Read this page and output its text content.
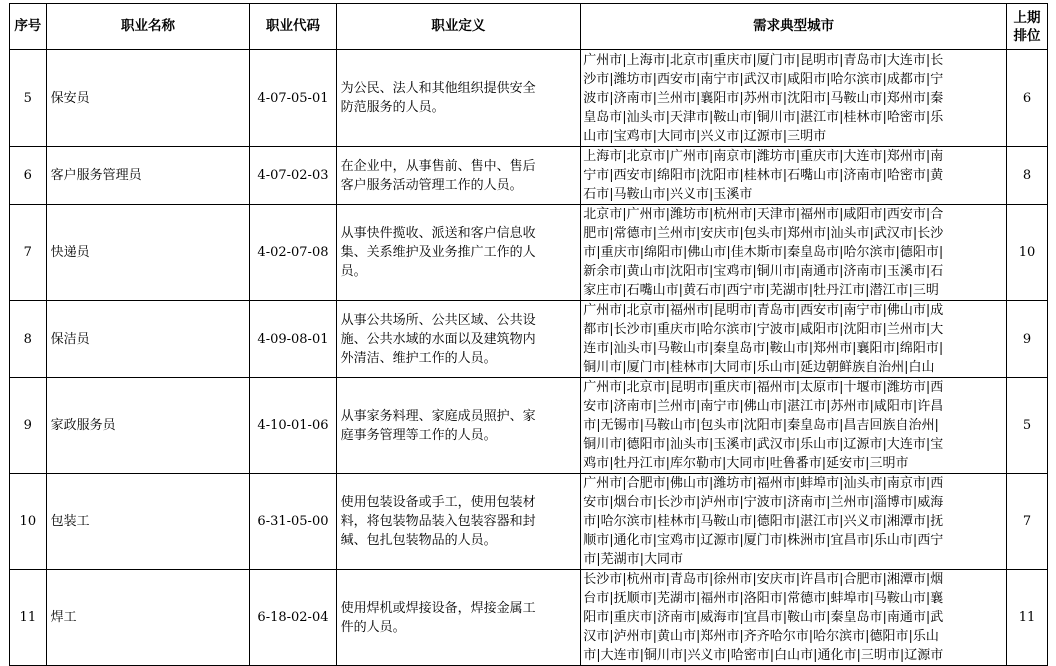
序号	职业名称	职业代码	职业定义	需求典型城市	上期
排位
5	保安员	4-07-05-01	为公民、法人和其他组织提供安全
防范服务的人员。	广州市|上海市|北京市|重庆市|厦门市|昆明市|青岛市|大连市|长
沙市|潍坊市|西安市|南宁市|武汉市|咸阳市|哈尔滨市|成都市|宁
波市|济南市|兰州市|襄阳市|苏州市|沈阳市|马鞍山市|郑州市|秦
皇岛市|汕头市|天津市|鞍山市|铜川市|湛江市|桂林市|哈密市|乐
山市|宝鸡市|大同市|兴义市|辽源市|三明市	6
6	客户服务管理员	4-07-02-03	在企业中，从事售前、售中、售后
客户服务活动管理工作的人员。	上海市|北京市|广州市|南京市|潍坊市|重庆市|大连市|郑州市|南
宁市|西安市|绵阳市|沈阳市|桂林市|石嘴山市|济南市|哈密市|黄
石市|马鞍山市|兴义市|玉溪市	8
7	快递员	4-02-07-08	从事快件揽收、派送和客户信息收
集、关系维护及业务推广工作的人
员。	北京市|广州市|潍坊市|杭州市|天津市|福州市|咸阳市|西安市|合
肥市|常德市|兰州市|安庆市|包头市|郑州市|汕头市|武汉市|长沙
市|重庆市|绵阳市|佛山市|佳木斯市|秦皇岛市|哈尔滨市|德阳市|
新余市|黄山市|沈阳市|宝鸡市|铜川市|南通市|济南市|玉溪市|石
家庄市|石嘴山市|黄石市|西宁市|芜湖市|牡丹江市|潜江市|三明	10
8	保洁员	4-09-08-01	从事公共场所、公共区域、公共设
施、公共水域的水面以及建筑物内
外清洁、维护工作的人员。	广州市|北京市|福州市|昆明市|青岛市|西安市|南宁市|佛山市|成
都市|长沙市|重庆市|哈尔滨市|宁波市|咸阳市|沈阳市|兰州市|大
连市|汕头市|马鞍山市|秦皇岛市|鞍山市|郑州市|襄阳市|绵阳市|
铜川市|厦门市|桂林市|大同市|乐山市|延边朝鲜族自治州|白山	9
9	家政服务员	4-10-01-06	从事家务料理、家庭成员照护、家
庭事务管理等工作的人员。	广州市|北京市|昆明市|重庆市|福州市|太原市|十堰市|潍坊市|西
安市|济南市|兰州市|南宁市|佛山市|湛江市|苏州市|咸阳市|许昌
市|无锡市|马鞍山市|包头市|沈阳市|秦皇岛市|昌吉回族自治州|
铜川市|德阳市|汕头市|玉溪市|武汉市|乐山市|辽源市|大连市|宝
鸡市|牡丹江市|库尔勒市|大同市|吐鲁番市|延安市|三明市	5
10	包装工	6-31-05-00	使用包装设备或手工，使用包装材
料，将包装物品装入包装容器和封
缄、包扎包装物品的人员。	广州市|合肥市|佛山市|潍坊市|福州市|蚌埠市|汕头市|南京市|西
安市|烟台市|长沙市|泸州市|宁波市|济南市|兰州市|淄博市|威海
市|哈尔滨市|桂林市|马鞍山市|德阳市|湛江市|兴义市|湘潭市|抚
顺市|通化市|宝鸡市|辽源市|厦门市|株洲市|宜昌市|乐山市|西宁
市|芜湖市|大同市	7
11	焊工	6-18-02-04	使用焊机或焊接设备，焊接金属工
件的人员。	长沙市|杭州市|青岛市|徐州市|安庆市|许昌市|合肥市|湘潭市|烟
台市|抚顺市|芜湖市|福州市|洛阳市|常德市|蚌埠市|马鞍山市|襄
阳市|重庆市|济南市|威海市|宜昌市|鞍山市|秦皇岛市|南通市|武
汉市|泸州市|黄山市|郑州市|齐齐哈尔市|哈尔滨市|德阳市|乐山
市|大连市|铜川市|兴义市|哈密市|白山市|通化市|三明市|辽源市	11
